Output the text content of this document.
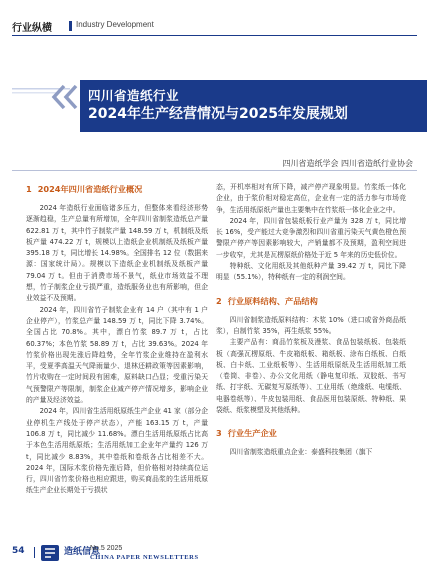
行业纵横	Industry Development
四川省造纸行业
2024年生产经营情况与2025年发展规划
四川省造纸学会 四川省造纸行业协会
1 2024年四川省造纸行业概况

2024 年造纸行业面临诸多压力，但整体来看经济形势逐渐趋稳，生产总量有所增加，全年四川省制浆造纸总产量 622.81 万 t，其中竹子制浆产量 148.59 万 t，机制纸及纸板产量 474.22 万 t，规模以上造纸企业机制纸及纸板产量 395.18 万 t，同比增长 14.98%。全国排名 12 位（数据来源：国家统计局）。规模以下造纸企业机制纸及纸板产量 79.04 万 t。但由于消费市场不景气，纸业市场效益不理想，竹子制浆企业亏损严重，造纸服务业也有所影响，但企业效益不及预期。

2024 年，四川省竹子制浆企业有 14 户（其中有 1 户企业停产），竹浆总产量 148.59 万 t，同比下降 3.74%。全国占比 70.8%。其中，漂白竹浆 89.7 万 t，占比 60.37%；本色竹浆 58.89 万 t，占比 39.63%。2024 年竹浆价格出现先涨后降趋势，全年竹浆企业维持在盈利水平，受夏季高温天气降雨量少、退林还耕政策等因素影响，竹片收购在一定时间段有困难，原料缺口凸显；受重污染天气预警限产等限制，制浆企业减产停产情况增多，影响企业的产量及经济效益。

2024 年，四川省生活用纸原纸生产企业 41 家（部分企业停机生产线处于停产状态），产能 163.15 万 t，产量 106.8 万 t，同比减少 11.68%。漂白生活用纸原纸占比高于本色生活用纸原纸；生活用纸加工企业年产量约 126 万 t，同比减少 8.83%，其中卷纸和卷纸各占比相差不大。2024 年，国际木浆价格先涨后降，但价格相对持续高位运行，四川省竹浆价格也相应跟进，购买商品浆的生活用纸原纸生产企业长期处于亏损状

态，开机率相对有所下降，减产停产现象明显。竹浆纸一体化企业，由于浆价相对稳定高位，企业有一定的活力参与市场竞争，生活用纸原纸产量也主要集中在竹浆纸一体化企业之中。

2024 年，四川省包装纸板行业产量为 328 万 t，同比增长 16%，受产能过大竞争激烈和四川省重污染天气黄色橙色预警限产停产等因素影响较大，产销量都不及预期，盈利空间进一步收窄，尤其是瓦楞原纸价格处于近 5 年来的历史低价位。

特种纸、文化用纸及其他纸种产量 39.42 万 t，同比下降明显（55.1%），特种纸有一定的利润空间。

2 行业原料结构、产品结构

四川省制浆造纸原料结构：木浆 10%（进口或省外商品纸浆），自制竹浆 35%，再生纸浆 55%。

主要产品有：商品竹浆板及漫浆、食品包装纸板、包装纸板（高强瓦楞原纸、牛皮箱纸板、箱纸板、涂布白纸板、白纸板、白卡纸、工业纸板等）、生活用纸原纸及生活用纸加工纸（卷筒、非卷）、办公文化用纸（静电复印纸、双胶纸、书写纸、打字纸、无碳复写原纸等）、工业用纸（绝缘纸、电缆纸、电器卷纸等）、牛皮包装用纸、食品医用包装原纸、特种纸、果袋纸、纸浆模塑及其他纸种。

3 行业生产企业

四川省制浆造纸重点企业：泰盛科技集团（旗下

54	造纸信息
No.5 2025
CHINA PAPER NEWSLETTERS
